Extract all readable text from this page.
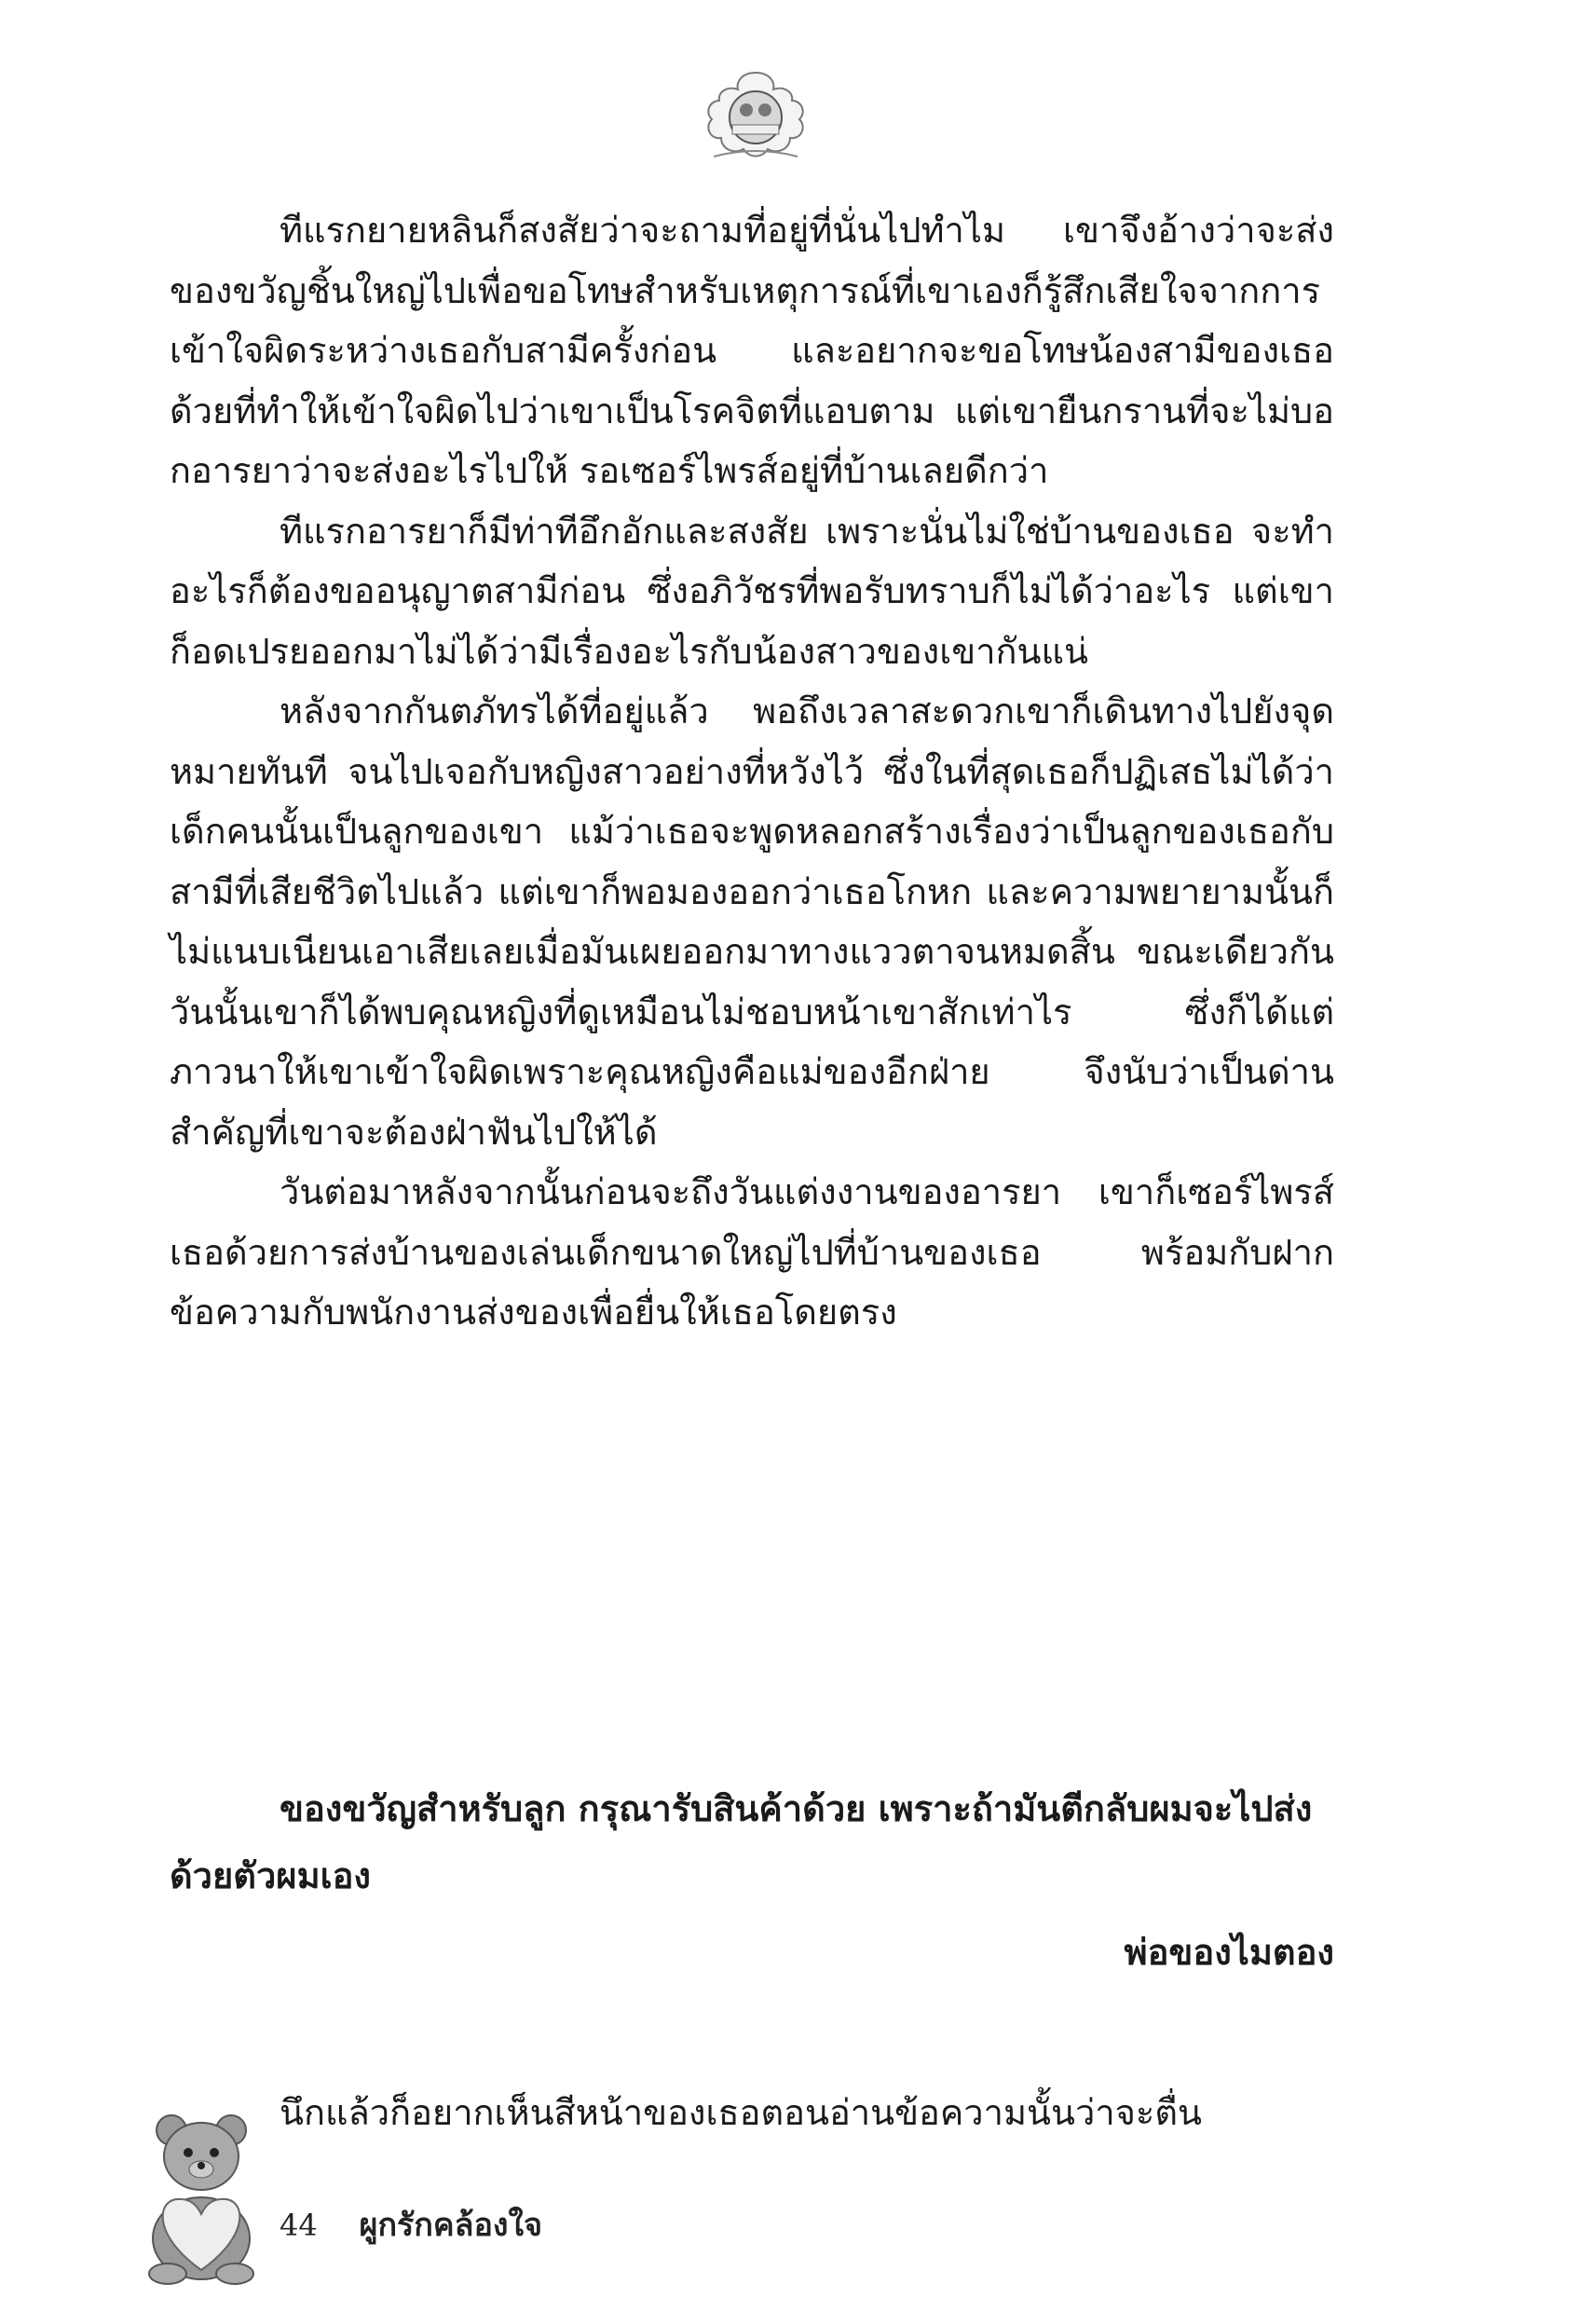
ทีแรกยายหลินก็สงสัยว่าจะถามที่อยู่ที่นั่นไปทำไม เขาจึงอ้างว่าจะส่งของขวัญชิ้นใหญ่ไปเพื่อขอโทษสำหรับเหตุการณ์ที่เขาเองก็รู้สึกเสียใจจากการเข้าใจผิดระหว่างเธอกับสามีครั้งก่อน และอยากจะขอโทษน้องสามีของเธอด้วยที่ทำให้เข้าใจผิดไปว่าเขาเป็นโรคจิตที่แอบตาม แต่เขายืนกรานที่จะไม่บอกอารยาว่าจะส่งอะไรไปให้ รอเซอร์ไพรส์อยู่ที่บ้านเลยดีกว่า

ทีแรกอารยาก็มีท่าทีอึกอักและสงสัย เพราะนั่นไม่ใช่บ้านของเธอ จะทำอะไรก็ต้องขออนุญาตสามีก่อน ซึ่งอภิวัชรที่พอรับทราบก็ไม่ได้ว่าอะไร แต่เขาก็อดเปรยออกมาไม่ได้ว่ามีเรื่องอะไรกับน้องสาวของเขากันแน่

หลังจากกันตภัทรได้ที่อยู่แล้ว พอถึงเวลาสะดวกเขาก็เดินทางไปยังจุดหมายทันที จนไปเจอกับหญิงสาวอย่างที่หวังไว้ ซึ่งในที่สุดเธอก็ปฏิเสธไม่ได้ว่าเด็กคนนั้นเป็นลูกของเขา แม้ว่าเธอจะพูดหลอกสร้างเรื่องว่าเป็นลูกของเธอกับสามีที่เสียชีวิตไปแล้ว แต่เขาก็พอมองออกว่าเธอโกหก และความพยายามนั้นก็ไม่แนบเนียนเอาเสียเลยเมื่อมันเผยออกมาทางแววตาจนหมดสิ้น ขณะเดียวกันวันนั้นเขาก็ได้พบคุณหญิงที่ดูเหมือนไม่ชอบหน้าเขาสักเท่าไร ซึ่งก็ได้แต่ภาวนาให้เขาเข้าใจผิดเพราะคุณหญิงคือแม่ของอีกฝ่าย จึงนับว่าเป็นด่านสำคัญที่เขาจะต้องฝ่าฟันไปให้ได้

วันต่อมาหลังจากนั้นก่อนจะถึงวันแต่งงานของอารยา เขาก็เซอร์ไพรส์เธอด้วยการส่งบ้านของเล่นเด็กขนาดใหญ่ไปที่บ้านของเธอ พร้อมกับฝากข้อความกับพนักงานส่งของเพื่อยื่นให้เธอโดยตรง

ของขวัญสำหรับลูก กรุณารับสินค้าด้วย เพราะถ้ามันตีกลับผมจะไปส่งด้วยตัวผมเอง

พ่อของไมตอง

นึกแล้วก็อยากเห็นสีหน้าของเธอตอนอ่านข้อความนั้นว่าจะตื่น

44 ผูกรักคล้องใจ
